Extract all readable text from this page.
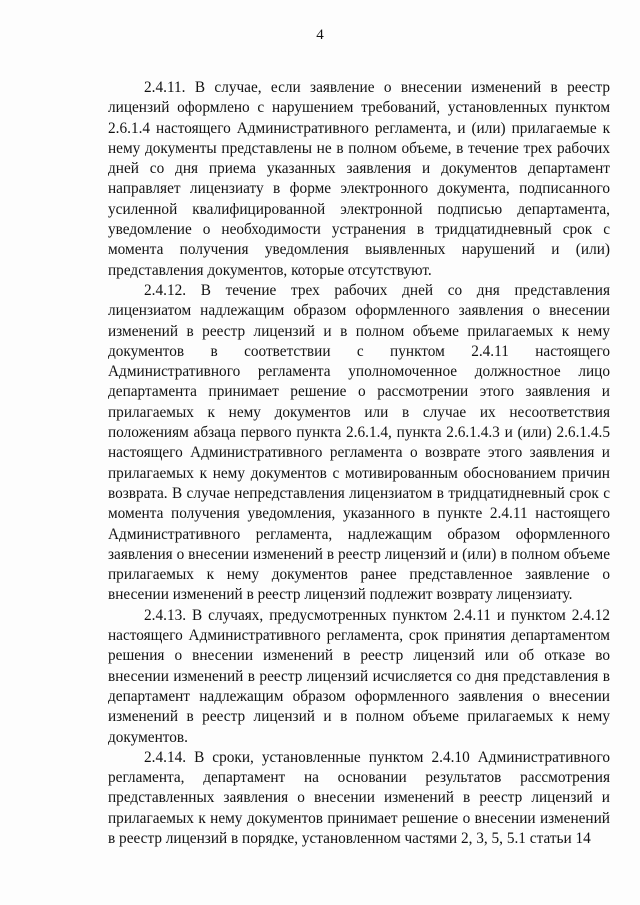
4

2.4.11. В случае, если заявление о внесении изменений в реестр лицензий оформлено с нарушением требований, установленных пунктом 2.6.1.4 настоящего Административного регламента, и (или) прилагаемые к нему документы представлены не в полном объеме, в течение трех рабочих дней со дня приема указанных заявления и документов департамент направляет лицензиату в форме электронного документа, подписанного усиленной квалифицированной электронной подписью департамента, уведомление о необходимости устранения в тридцатидневный срок с момента получения уведомления выявленных нарушений и (или) представления документов, которые отсутствуют.

2.4.12. В течение трех рабочих дней со дня представления лицензиатом надлежащим образом оформленного заявления о внесении изменений в реестр лицензий и в полном объеме прилагаемых к нему документов в соответствии с пунктом 2.4.11 настоящего Административного регламента уполномоченное должностное лицо департамента принимает решение о рассмотрении этого заявления и прилагаемых к нему документов или в случае их несоответствия положениям абзаца первого пункта 2.6.1.4, пункта 2.6.1.4.3 и (или) 2.6.1.4.5 настоящего Административного регламента о возврате этого заявления и прилагаемых к нему документов с мотивированным обоснованием причин возврата. В случае непредставления лицензиатом в тридцатидневный срок с момента получения уведомления, указанного в пункте 2.4.11 настоящего Административного регламента, надлежащим образом оформленного заявления о внесении изменений в реестр лицензий и (или) в полном объеме прилагаемых к нему документов ранее представленное заявление о внесении изменений в реестр лицензий подлежит возврату лицензиату.

2.4.13. В случаях, предусмотренных пунктом 2.4.11 и пунктом 2.4.12 настоящего Административного регламента, срок принятия департаментом решения о внесении изменений в реестр лицензий или об отказе во внесении изменений в реестр лицензий исчисляется со дня представления в департамент надлежащим образом оформленного заявления о внесении изменений в реестр лицензий и в полном объеме прилагаемых к нему документов.

2.4.14. В сроки, установленные пунктом 2.4.10 Административного регламента, департамент на основании результатов рассмотрения представленных заявления о внесении изменений в реестр лицензий и прилагаемых к нему документов принимает решение о внесении изменений в реестр лицензий в порядке, установленном частями 2, 3, 5, 5.1 статьи 14
